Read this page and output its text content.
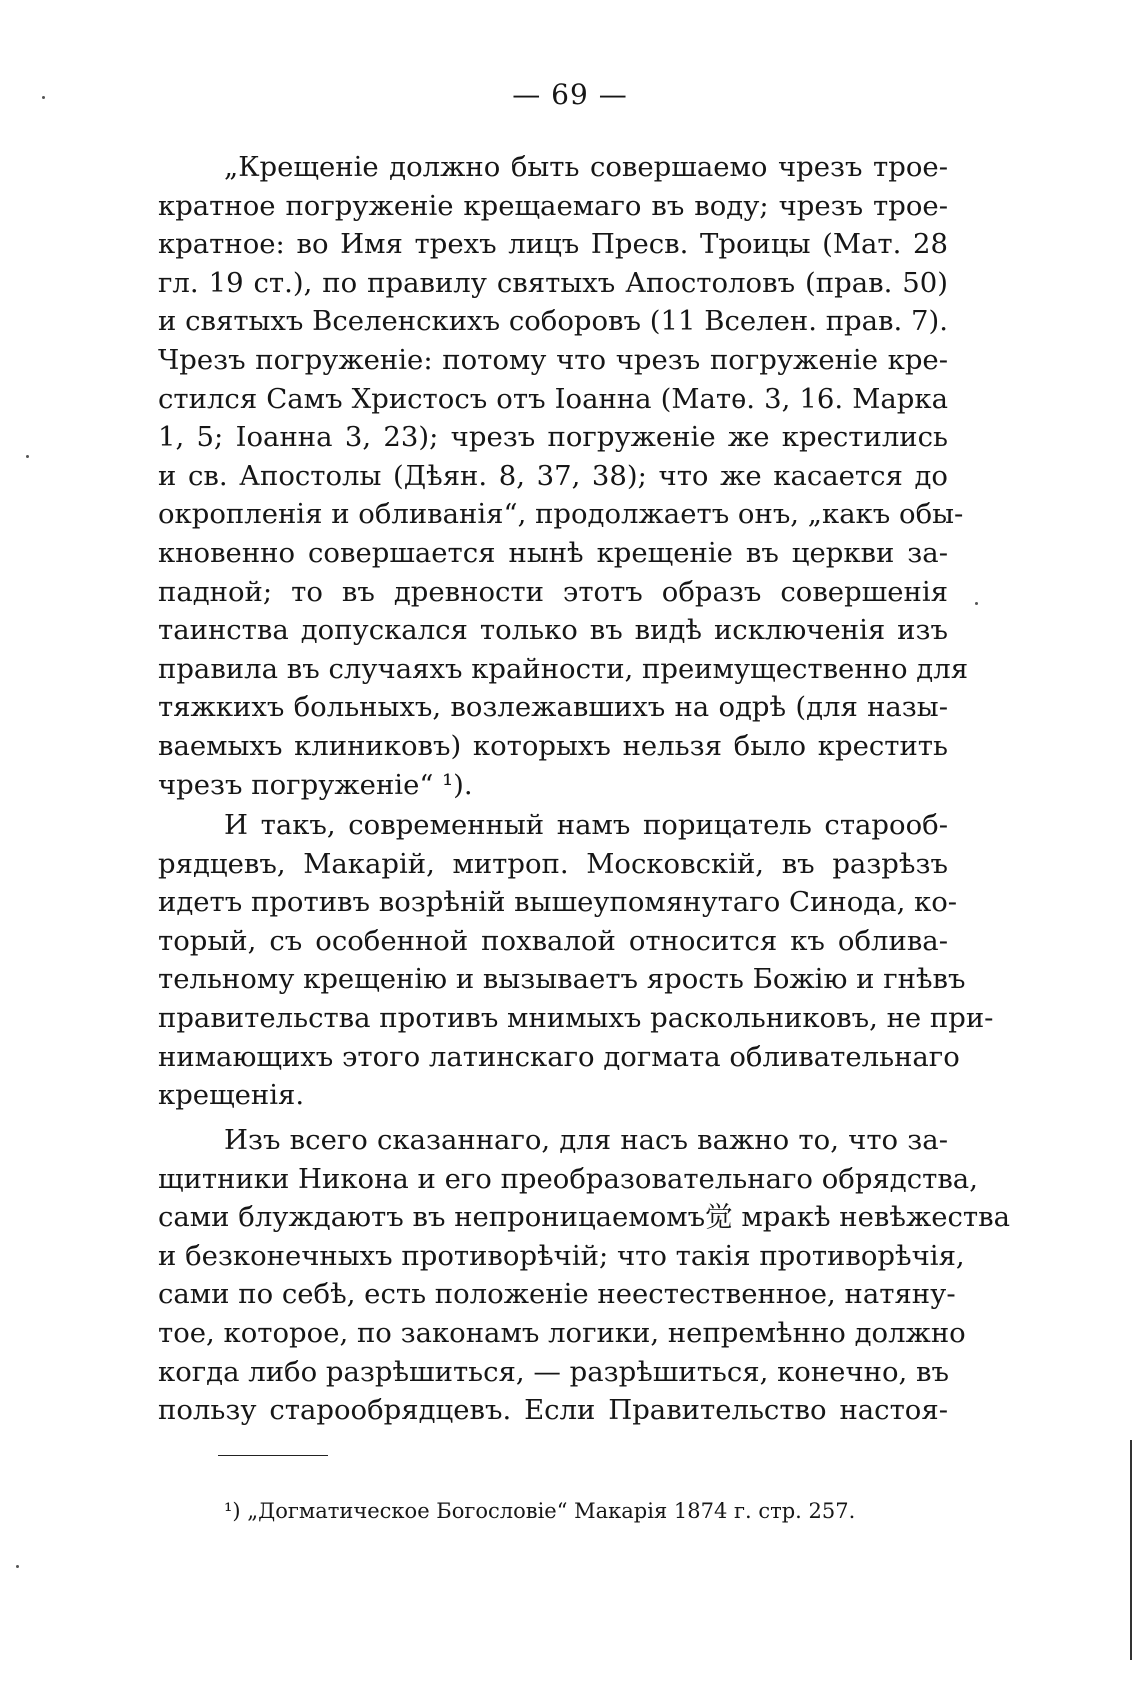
— 69 —
„Крещеніе должно быть совершаемо чрезъ трое-
кратное погруженіе крещаемаго въ воду; чрезъ трое-
кратное: во Имя трехъ лицъ Пресв. Троицы (Мат. 28
гл. 19 ст.), по правилу святыхъ Апостоловъ (прав. 50)
и святыхъ Вселенскихъ соборовъ (11 Вселен. прав. 7).
Чрезъ погруженіе: потому что чрезъ погруженіе кре-
стился Самъ Христосъ отъ Іоанна (Матѳ. 3, 16. Марка
1, 5; Іоанна 3, 23); чрезъ погруженіе же крестились
и св. Апостолы (Дѣян. 8, 37, 38); что же касается до
окропленія и обливанія“, продолжаетъ онъ, „какъ обы-
кновенно совершается нынѣ крещеніе въ церкви за-
падной; то въ древности этотъ образъ совершенія
таинства допускался только въ видѣ исключенія изъ
правила въ случаяхъ крайности, преимущественно для
тяжкихъ больныхъ, возлежавшихъ на одрѣ (для назы-
ваемыхъ клиниковъ) которыхъ нельзя было крестить
чрезъ погруженіе“ ¹).
И такъ, современный намъ порицатель старооб-
рядцевъ, Макарій, митроп. Московскій, въ разрѣзъ
идетъ противъ возрѣній вышеупомянутаго Синода, ко-
торый, съ особенной похвалой относится къ облива-
тельному крещенію и вызываетъ ярость Божію и гнѣвъ
правительства противъ мнимыхъ раскольниковъ, не при-
нимающихъ этого латинскаго догмата обливательнаго
крещенія.
Изъ всего сказаннаго, для насъ важно то, что за-
щитники Никона и его преобразовательнаго обрядства,
сами блуждаютъ въ непроницаемомъ觉 мракѣ невѣжества
и безконечныхъ противорѣчій; что такія противорѣчія,
сами по себѣ, есть положеніе неестественное, натяну-
тое, которое, по законамъ логики, непремѣнно должно
когда либо разрѣшиться, — разрѣшиться, конечно, въ
пользу старообрядцевъ. Если Правительство настоя-
¹) „Догматическое Богословіе“ Макарія 1874 г. стр. 257.
